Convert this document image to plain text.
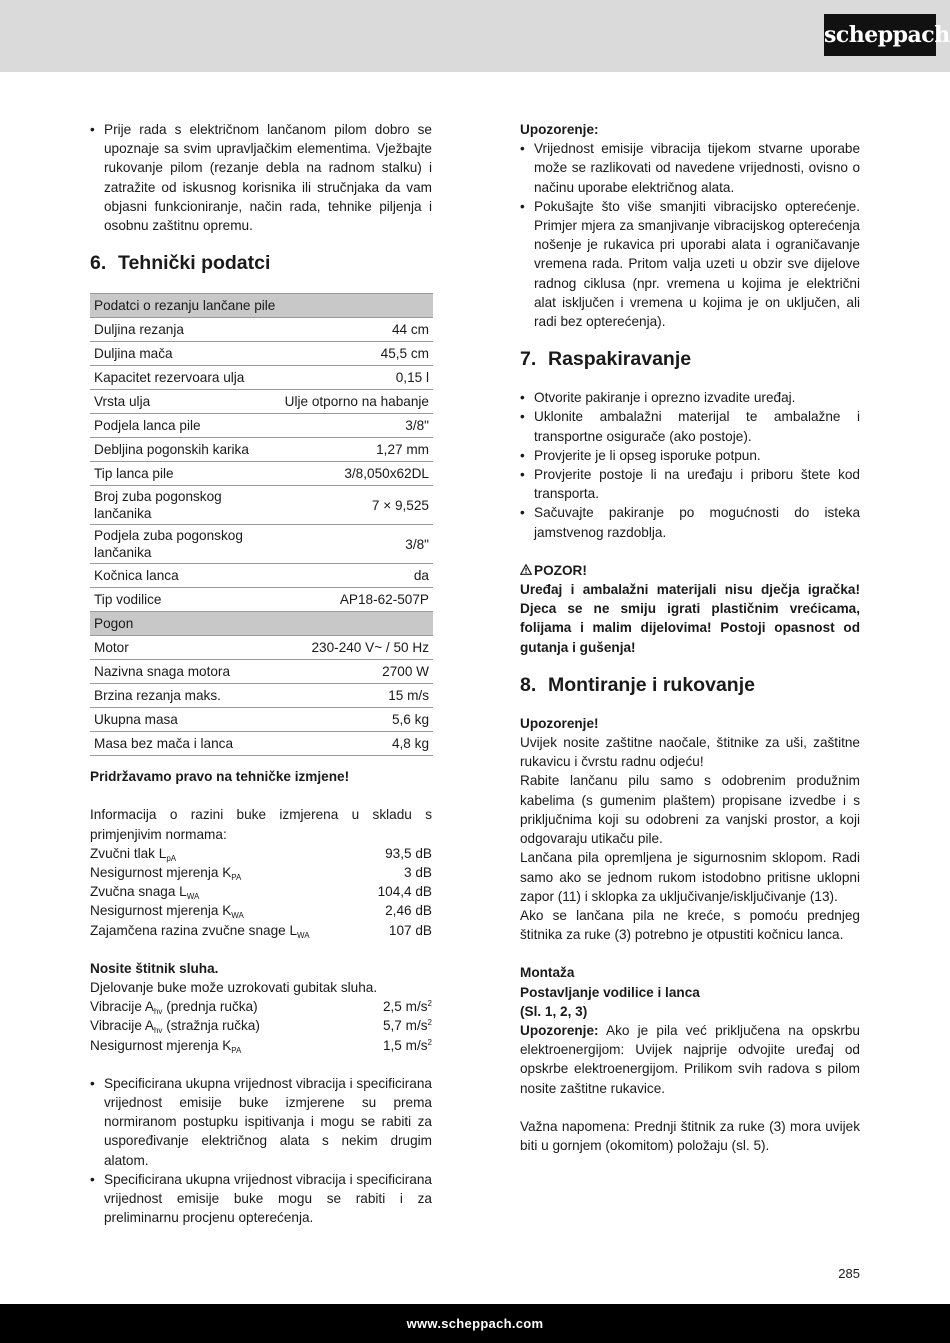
scheppach
• Prije rada s električnom lančanom pilom dobro se upoznaje sa svim upravljačkim elementima. Vježbajte rukovanje pilom (rezanje debla na radnom stalku) i zatražite od iskusnog korisnika ili stručnjaka da vam objasni funkcioniranje, način rada, tehnike piljenja i osobnu zaštitnu opremu.
6. Tehnički podatci
Podatci o rezanju lančane pile	
Duljina rezanja	44 cm
Duljina mača	45,5 cm
Kapacitet rezervoara ulja	0,15 l
Vrsta ulja	Ulje otporno na habanje
Podjela lanca pile	3/8"
Debljina pogonskih karika	1,27 mm
Tip lanca pile	3/8,050x62DL
Broj zuba pogonskog lančanika	7 × 9,525
Podjela zuba pogonskog lančanika	3/8"
Kočnica lanca	da
Tip vodilice	AP18-62-507P
Pogon	
Motor	230-240 V~ / 50 Hz
Nazivna snaga motora	2700 W
Brzina rezanja maks.	15 m/s
Ukupna masa	5,6 kg
Masa bez mača i lanca	4,8 kg

Pridržavamo pravo na tehničke izmjene!

Informacija o razini buke izmjerena u skladu s primjenjivim normama:

Zvučni tlak $L_{pA}$	93,5 dB
Nesigurnost mjerenja $K_{PA}$	3 dB
Zvučna snaga $L_{WA}$	104,4 dB
Nesigurnost mjerenja $K_{WA}$	2,46 dB
Zajamčena razina zvučne snage $L_{WA}$	107 dB

Nosite štitnik sluha.

Djelovanje buke može uzrokovati gubitak sluha.

Vibracije $A_{hv}$ (prednja ručka)	2,5 $m/s^2$
Vibracije $A_{hv}$ (stražnja ručka)	5,7 $m/s^2$
Nesigurnost mjerenja $K_{PA}$	1,5 $m/s^2$
• Specificirana ukupna vrijednost vibracija i specificirana vrijednost emisije buke izmjerene su prema normiranom postupku ispitivanja i mogu se rabiti za uspoređivanje električnog alata s nekim drugim alatom.
• Specificirana ukupna vrijednost vibracija i specificirana vrijednost emisije buke mogu se rabiti i za preliminarnu procjenu opterećenja.

Upozorenje:

• Vrijednost emisije vibracija tijekom stvarne uporabe može se razlikovati od navedene vrijednosti, ovisno o načinu uporabe električnog alata.
• Pokušajte što više smanjiti vibracijsko opterećenje. Primjer mjera za smanjivanje vibracijskog opterećenja nošenje je rukavica pri uporabi alata i ograničavanje vremena rada. Pritom valja uzeti u obzir sve dijelove radnog ciklusa (npr. vremena u kojima je električni alat isključen i vremena u kojima je on uključen, ali radi bez opterećenja).
7. Raspakiravanje
• Otvorite pakiranje i oprezno izvadite uređaj.
• Uklonite ambalažni materijal te ambalažne i transportne osigurače (ako postoje).
• Provjerite je li opseg isporuke potpun.
• Provjerite postoje li na uređaju i priboru štete kod transporta.
• Sačuvajte pakiranje po mogućnosti do isteka jamstvenog razdoblja.

POZOR!

Uređaj i ambalažni materijali nisu dječja igračka! Djeca se ne smiju igrati plastičnim vrećicama, folijama i malim dijelovima! Postoji opasnost od gutanja i gušenja!

8. Montiranje i rukovanje

Upozorenje!

Uvijek nosite zaštitne naočale, štitnike za uši, zaštitne rukavicu i čvrstu radnu odjeću!

Rabite lančanu pilu samo s odobrenim produžnim kabelima (s gumenim plaštem) propisane izvedbe i s priključnima koji su odobreni za vanjski prostor, a koji odgovaraju utikaču pile.

Lančana pila opremljena je sigurnosnim sklopom. Radi samo ako se jednom rukom istodobno pritisne uklopni zapor (11) i sklopka za uključivanje/isključivanje (13).

Ako se lančana pila ne kreće, s pomoću prednjeg štitnika za ruke (3) potrebno je otpustiti kočnicu lanca.

Montaža

Postavljanje vodilice i lanca

(Sl. 1, 2, 3)

Upozorenje: Ako je pila već priključena na opskrbu elektroenergijom: Uvijek najprije odvojite uređaj od opskrbe elektroenergijom. Prilikom svih radova s pilom nosite zaštitne rukavice.

Važna napomena: Prednji štitnik za ruke (3) mora uvijek biti u gornjem (okomitom) položaju (sl. 5).

285
www.scheppach.com
